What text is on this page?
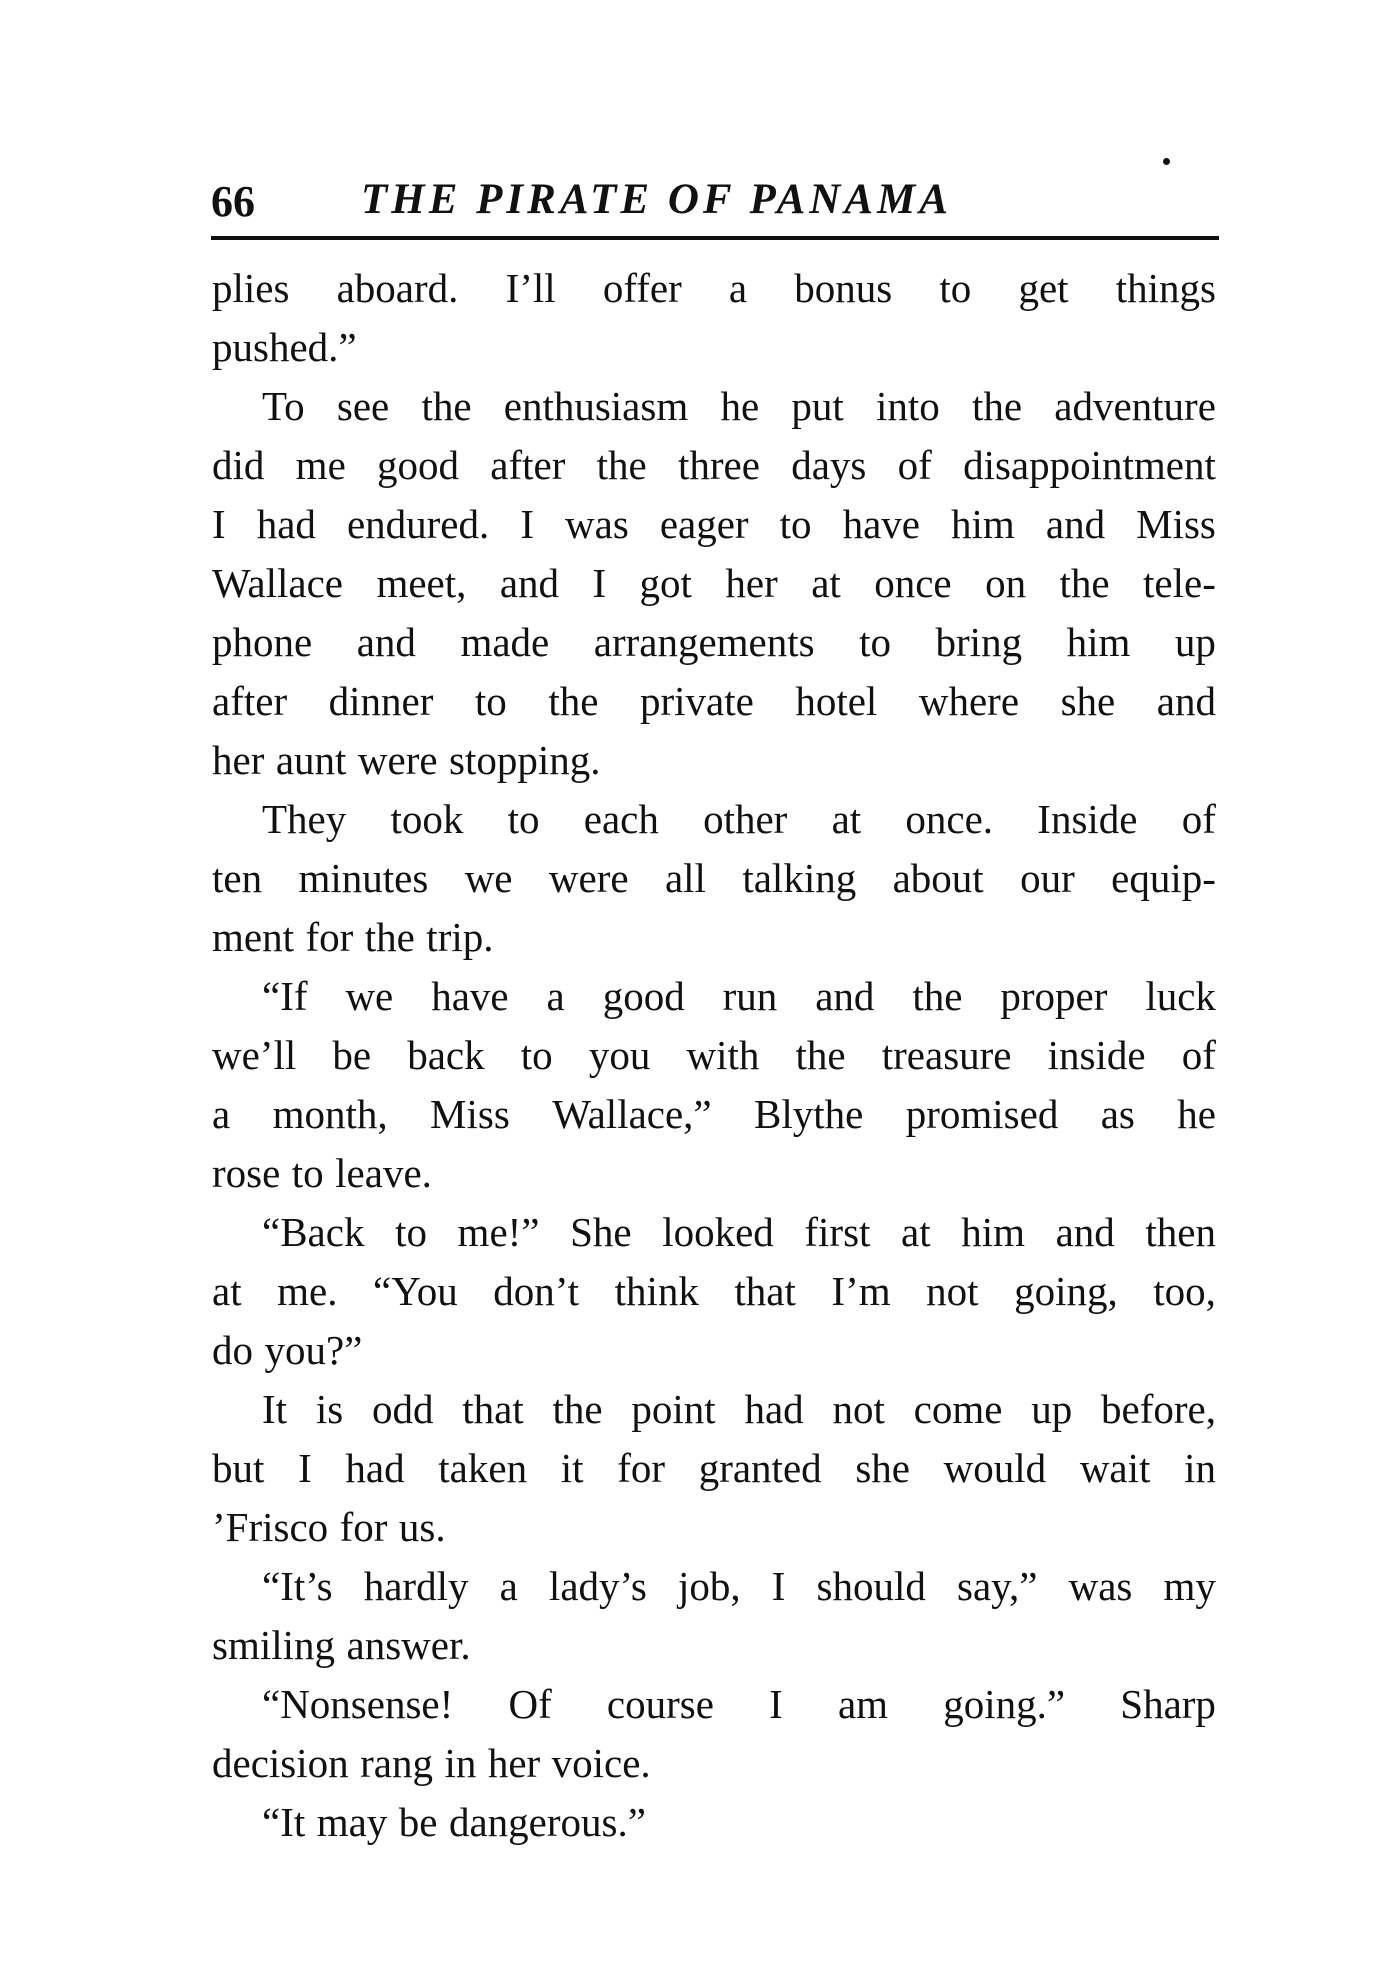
66 THE PIRATE OF PANAMA
plies aboard. I’ll offer a bonus to get things
pushed.”
To see the enthusiasm he put into the adventure
did me good after the three days of disappointment
I had endured. I was eager to have him and Miss
Wallace meet, and I got her at once on the tele-
phone and made arrangements to bring him up
after dinner to the private hotel where she and
her aunt were stopping.
They took to each other at once. Inside of
ten minutes we were all talking about our equip-
ment for the trip.
“If we have a good run and the proper luck
we’ll be back to you with the treasure inside of
a month, Miss Wallace,” Blythe promised as he
rose to leave.
“Back to me!” She looked first at him and then
at me. “You don’t think that I’m not going, too,
do you?”
It is odd that the point had not come up before,
but I had taken it for granted she would wait in
’Frisco for us.
“It’s hardly a lady’s job, I should say,” was my
smiling answer.
“Nonsense! Of course I am going.” Sharp
decision rang in her voice.
“It may be dangerous.”
